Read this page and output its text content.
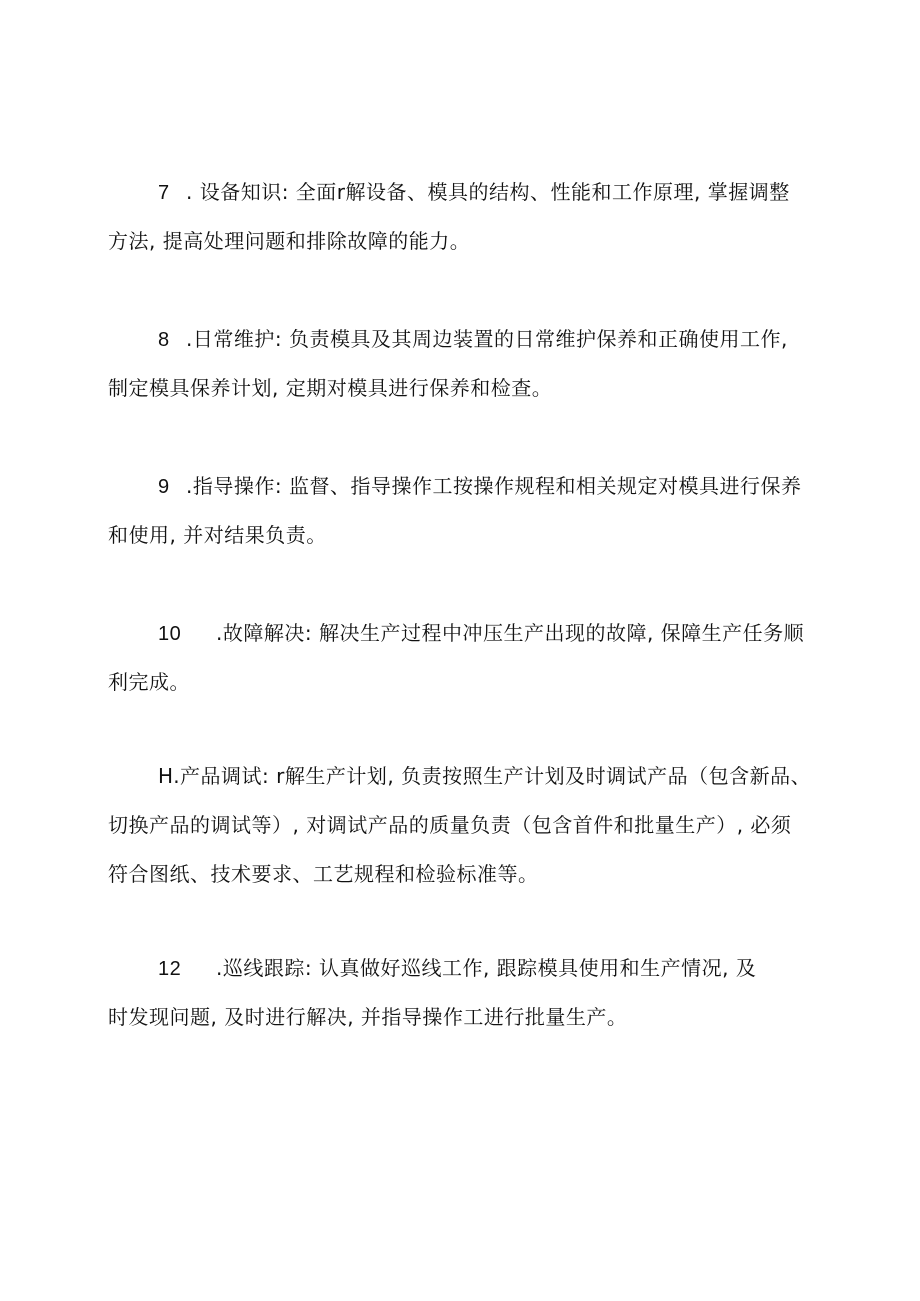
7 . 设备知识: 全面r解设备、模具的结构、性能和工作原理, 掌握调整
方法, 提高处理问题和排除故障的能力。
8 .日常维护: 负责模具及其周边装置的日常维护保养和正确使用工作,
制定模具保养计划, 定期对模具进行保养和检查。
9 .指导操作: 监督、指导操作工按操作规程和相关规定对模具进行保养
和使用, 并对结果负责。
10 .故障解决: 解决生产过程中冲压生产出现的故障, 保障生产任务顺
利完成。
H.产品调试: r解生产计划, 负责按照生产计划及时调试产品（包含新品、
切换产品的调试等）, 对调试产品的质量负责（包含首件和批量生产）, 必须
符合图纸、技术要求、工艺规程和检验标准等。
12 .巡线跟踪: 认真做好巡线工作, 跟踪模具使用和生产情况, 及
时发现问题, 及时进行解决, 并指导操作工进行批量生产。
